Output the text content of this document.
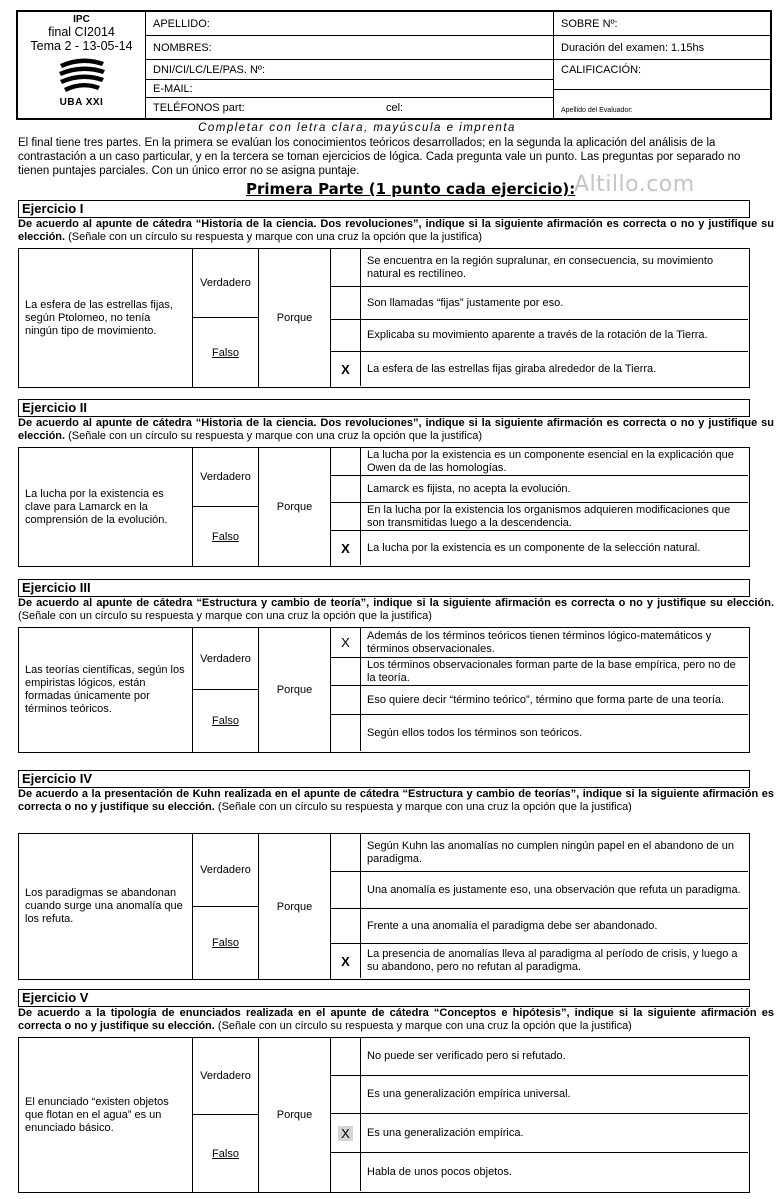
IPC
final CI2014
Tema 2 - 13-05-14
UBA XXI
APELLIDO:
NOMBRES:
DNI/CI/LC/LE/PAS. Nº:
E-MAIL:
TELÉFONOS part:	cel:
SOBRE Nº:
Duración del examen: 1.15hs
CALIFICACIÓN:
Apellido del Evaluador:
Completar con letra clara, mayúscula e imprenta
El final tiene tres partes. En la primera se evalúan los conocimientos teóricos desarrollados; en la segunda la aplicación del análisis de la contrastación a un caso particular, y en la tercera se toman ejercicios de lógica. Cada pregunta vale un punto. Las preguntas por separado no tienen puntajes parciales. Con un único error no se asigna puntaje.
Primera Parte (1 punto cada ejercicio):
Altillo.com
Ejercicio I
De acuerdo al apunte de cátedra “Historia de la ciencia. Dos revoluciones”, indique si la siguiente afirmación es correcta o no y justifique su elección. (Señale con un círculo su respuesta y marque con una cruz la opción que la justifica)
La esfera de las estrellas fijas, según Ptolomeo, no tenía ningún tipo de movimiento.
Verdadero
Falso
Porque
Se encuentra en la región supralunar, en consecuencia, su movimiento natural es rectilíneo.
Son llamadas “fijas” justamente por eso.
Explicaba su movimiento aparente a través de la rotación de la Tierra.
X	La esfera de las estrellas fijas giraba alrededor de la Tierra.
Ejercicio II
De acuerdo al apunte de cátedra “Historia de la ciencia. Dos revoluciones”, indique si la siguiente afirmación es correcta o no y justifique su elección. (Señale con un círculo su respuesta y marque con una cruz la opción que la justifica)
La lucha por la existencia es clave para Lamarck en la comprensión de la evolución.
Verdadero
Falso
Porque
La lucha por la existencia es un componente esencial en la explicación que Owen da de las homologías.
Lamarck es fijista, no acepta la evolución.
En la lucha por la existencia los organismos adquieren modificaciones que son transmitidas luego a la descendencia.
X	La lucha por la existencia es un componente de la selección natural.
Ejercicio III
De acuerdo al apunte de cátedra “Estructura y cambio de teoría”, indique si la siguiente afirmación es correcta o no y justifique su elección. (Señale con un círculo su respuesta y marque con una cruz la opción que la justifica)
Las teorías científicas, según los empiristas lógicos, están formadas únicamente por términos teóricos.
Verdadero
Falso
Porque
X	Además de los términos teóricos tienen términos lógico-matemáticos y términos observacionales.
Los términos observacionales forman parte de la base empírica, pero no de la teoría.
Eso quiere decir “término teórico”, término que forma parte de una teoría.
Según ellos todos los términos son teóricos.
Ejercicio IV
De acuerdo a la presentación de Kuhn realizada en el apunte de cátedra “Estructura y cambio de teorías”, indique si la siguiente afirmación es correcta o no y justifique su elección. (Señale con un círculo su respuesta y marque con una cruz la opción que la justifica)
Los paradigmas se abandonan cuando surge una anomalía que los refuta.
Verdadero
Falso
Porque
Según Kuhn las anomalías no cumplen ningún papel en el abandono de un paradigma.
Una anomalía es justamente eso, una observación que refuta un paradigma.
Frente a una anomalía el paradigma debe ser abandonado.
X	La presencia de anomalías lleva al paradigma al período de crisis, y luego a su abandono, pero no refutan al paradigma.
Ejercicio V
De acuerdo a la tipología de enunciados realizada en el apunte de cátedra “Conceptos e hipótesis”, indique si la siguiente afirmación es correcta o no y justifique su elección. (Señale con un círculo su respuesta y marque con una cruz la opción que la justifica)
El enunciado “existen objetos que flotan en el agua” es un enunciado básico.
Verdadero
Falso
Porque
No puede ser verificado pero si refutado.
Es una generalización empírica universal.
X	Es una generalización empírica.
Habla de unos pocos objetos.
